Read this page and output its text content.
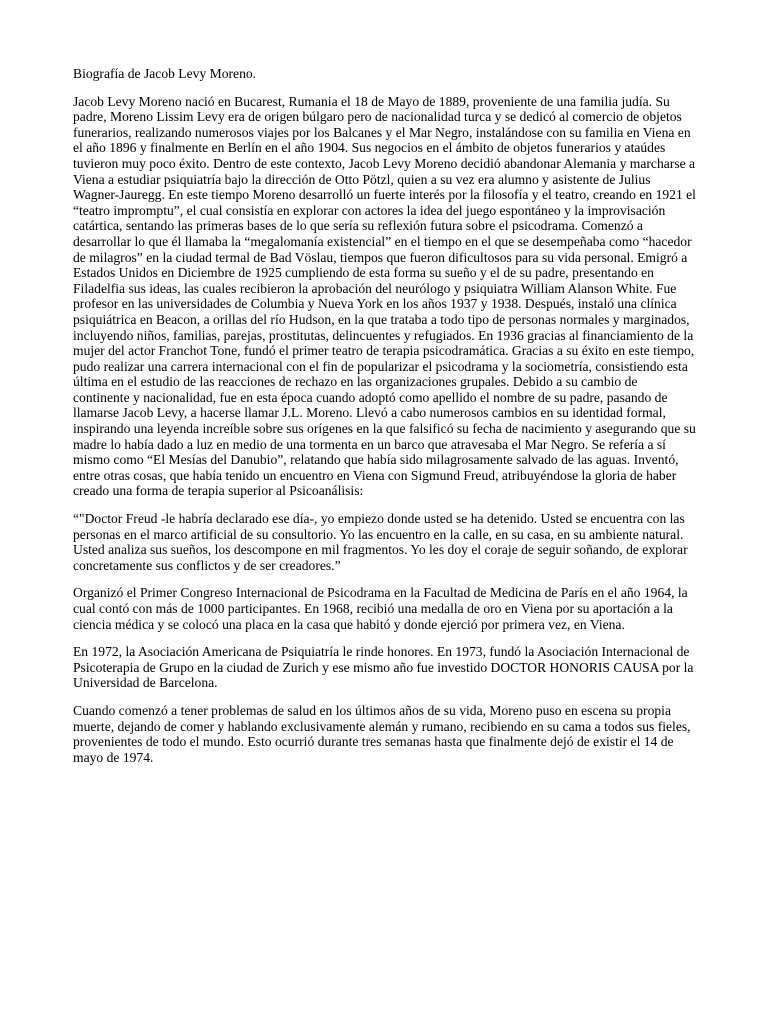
Biografía de Jacob Levy Moreno.

Jacob Levy Moreno nació en Bucarest, Rumania el 18 de Mayo de 1889, proveniente de una familia judía. Su padre, Moreno Lissim Levy era de origen búlgaro pero de nacionalidad turca y se dedicó al comercio de objetos funerarios, realizando numerosos viajes por los Balcanes y el Mar Negro, instalándose con su familia en Viena en el año 1896 y finalmente en Berlín en el año 1904. Sus negocios en el ámbito de objetos funerarios y ataúdes tuvieron muy poco éxito. Dentro de este contexto, Jacob Levy Moreno decidió abandonar Alemania y marcharse a Viena a estudiar psiquiatría bajo la dirección de Otto Pötzl, quien a su vez era alumno y asistente de Julius Wagner-Jauregg. En este tiempo Moreno desarrolló un fuerte interés por la filosofía y el teatro, creando en 1921 el “teatro impromptu”, el cual consistía en explorar con actores la idea del juego espontáneo y la improvisación catártica, sentando las primeras bases de lo que sería su reflexión futura sobre el psicodrama. Comenzó a desarrollar lo que él llamaba la “megalomanía existencial” en el tiempo en el que se desempeñaba como “hacedor de milagros” en la ciudad termal de Bad Vöslau, tiempos que fueron dificultosos para su vida personal. Emigró a Estados Unidos en Diciembre de 1925 cumpliendo de esta forma su sueño y el de su padre, presentando en Filadelfia sus ideas, las cuales recibieron la aprobación del neurólogo y psiquiatra William Alanson White. Fue profesor en las universidades de Columbia y Nueva York en los años 1937 y 1938. Después, instaló una clínica psiquiátrica en Beacon, a orillas del río Hudson, en la que trataba a todo tipo de personas normales y marginados, incluyendo niños, familias, parejas, prostitutas, delincuentes y refugiados. En 1936 gracias al financiamiento de la mujer del actor Franchot Tone, fundó el primer teatro de terapia psicodramática. Gracias a su éxito en este tiempo, pudo realizar una carrera internacional con el fin de popularizar el psicodrama y la sociometría, consistiendo esta última en el estudio de las reacciones de rechazo en las organizaciones grupales. Debido a su cambio de continente y nacionalidad, fue en esta época cuando adoptó como apellido el nombre de su padre, pasando de llamarse Jacob Levy, a hacerse llamar J.L. Moreno. Llevó a cabo numerosos cambios en su identidad formal, inspirando una leyenda increíble sobre sus orígenes en la que falsificó su fecha de nacimiento y asegurando que su madre lo había dado a luz en medio de una tormenta en un barco que atravesaba el Mar Negro. Se refería a sí mismo como “El Mesías del Danubio”, relatando que había sido milagrosamente salvado de las aguas. Inventó, entre otras cosas, que había tenido un encuentro en Viena con Sigmund Freud, atribuyéndose la gloria de haber creado una forma de terapia superior al Psicoanálisis:

“"Doctor Freud -le habría declarado ese día-, yo empiezo donde usted se ha detenido. Usted se encuentra con las personas en el marco artificial de su consultorio. Yo las encuentro en la calle, en su casa, en su ambiente natural. Usted analiza sus sueños, los descompone en mil fragmentos. Yo les doy el coraje de seguir soñando, de explorar concretamente sus conflictos y de ser creadores.”

Organizó el Primer Congreso Internacional de Psicodrama en la Facultad de Medicina de París en el año 1964, la cual contó con más de 1000 participantes. En 1968, recibió una medalla de oro en Viena por su aportación a la ciencia médica y se colocó una placa en la casa que habitó y donde ejerció por primera vez, en Viena.

En 1972, la Asociación Americana de Psiquiatría le rinde honores. En 1973, fundó la Asociación Internacional de Psicoterapia de Grupo en la ciudad de Zurich y ese mismo año fue investido DOCTOR HONORIS CAUSA por la Universidad de Barcelona.

Cuando comenzó a tener problemas de salud en los últimos años de su vida, Moreno puso en escena su propia muerte, dejando de comer y hablando exclusivamente alemán y rumano, recibiendo en su cama a todos sus fieles, provenientes de todo el mundo. Esto ocurrió durante tres semanas hasta que finalmente dejó de existir el 14 de mayo de 1974.
